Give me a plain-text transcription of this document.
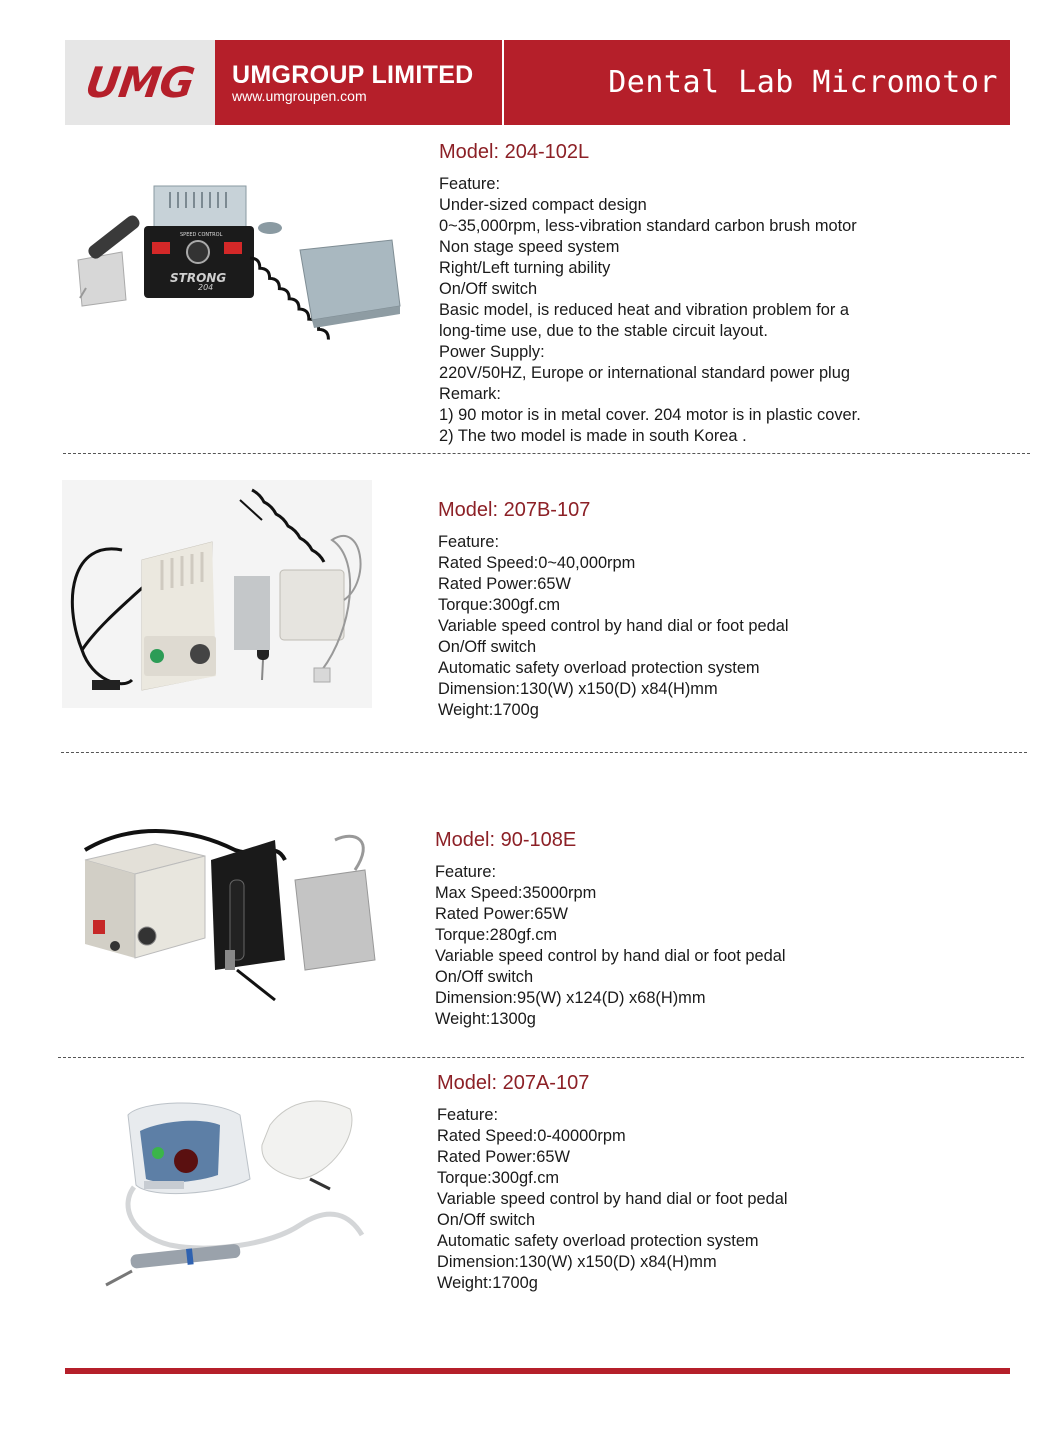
UMG UMGROUP LIMITED
www.umgroupen.com	Dental Lab Micromotor
SPEED CONTROL
STRONG
204
Model: 204-102L
Feature:
Under-sized compact design
0~35,000rpm, less-vibration standard carbon brush motor
Non stage speed system
Right/Left turning ability
On/Off switch
Basic model, is reduced heat and vibration problem for a
long-time use, due to the stable circuit layout.
Power Supply:
220V/50HZ, Europe or international standard power plug
Remark:
1) 90 motor is in metal cover. 204 motor is in plastic cover.
2) The two model is made in south Korea .
Model: 207B-107
Feature:
Rated Speed:0~40,000rpm
Rated Power:65W
Torque:300gf.cm
Variable speed control by hand dial or foot pedal
On/Off switch
Automatic safety overload protection system
Dimension:130(W) x150(D) x84(H)mm
Weight:1700g
Model: 90-108E
Feature:
Max Speed:35000rpm
Rated Power:65W
Torque:280gf.cm
Variable speed control by hand dial or foot pedal
On/Off switch
Dimension:95(W) x124(D) x68(H)mm
Weight:1300g
Model: 207A-107
Feature:
Rated Speed:0-40000rpm
Rated Power:65W
Torque:300gf.cm
Variable speed control by hand dial or foot pedal
On/Off switch
Automatic safety overload protection system
Dimension:130(W) x150(D) x84(H)mm
Weight:1700g
